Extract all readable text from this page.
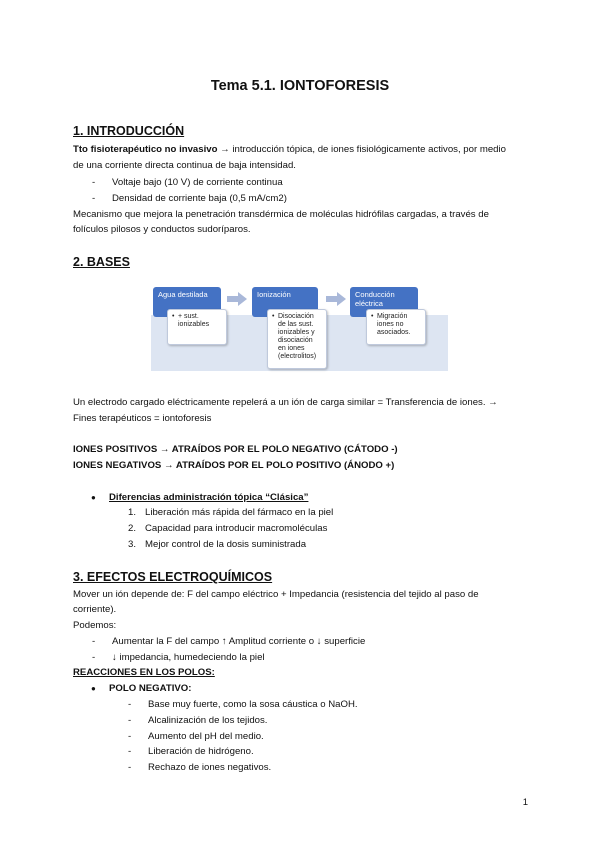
Tema 5.1. IONTOFORESIS
1. INTRODUCCIÓN
Tto fisioterapéutico no invasivo → introducción tópica, de iones fisiológicamente activos, por medio
de una corriente directa continua de baja intensidad.
- Voltaje bajo (10 V) de corriente continua
- Densidad de corriente baja (0,5 mA/cm2)
Mecanismo que mejora la penetración transdérmica de moléculas hidrófilas cargadas, a través de
folículos pilosos y conductos sudoríparos.
2. BASES
Agua destilada	Ionización	Conducción eléctrica
• + sust. ionizables
• Disociación de las sust. ionizables y disociación en iones (electrolitos)
• Migración iones no asociados.
Un electrodo cargado eléctricamente repelerá a un ión de carga similar = Transferencia de iones. →
Fines terapéuticos = iontoforesis
IONES POSITIVOS → ATRAÍDOS POR EL POLO NEGATIVO (CÁTODO -)
IONES NEGATIVOS → ATRAÍDOS POR EL POLO POSITIVO (ÁNODO +)
● Diferencias administración tópica “Clásica”
1. Liberación más rápida del fármaco en la piel
2. Capacidad para introducir macromoléculas
3. Mejor control de la dosis suministrada
3. EFECTOS ELECTROQUÍMICOS
Mover un ión depende de: F del campo eléctrico + Impedancia (resistencia del tejido al paso de
corriente).
Podemos:
- Aumentar la F del campo ↑ Amplitud corriente o ↓ superficie
- ↓ impedancia, humedeciendo la piel
REACCIONES EN LOS POLOS:
● POLO NEGATIVO:
- Base muy fuerte, como la sosa cáustica o NaOH.
- Alcalinización de los tejidos.
- Aumento del pH del medio.
- Liberación de hidrógeno.
- Rechazo de iones negativos.
1
